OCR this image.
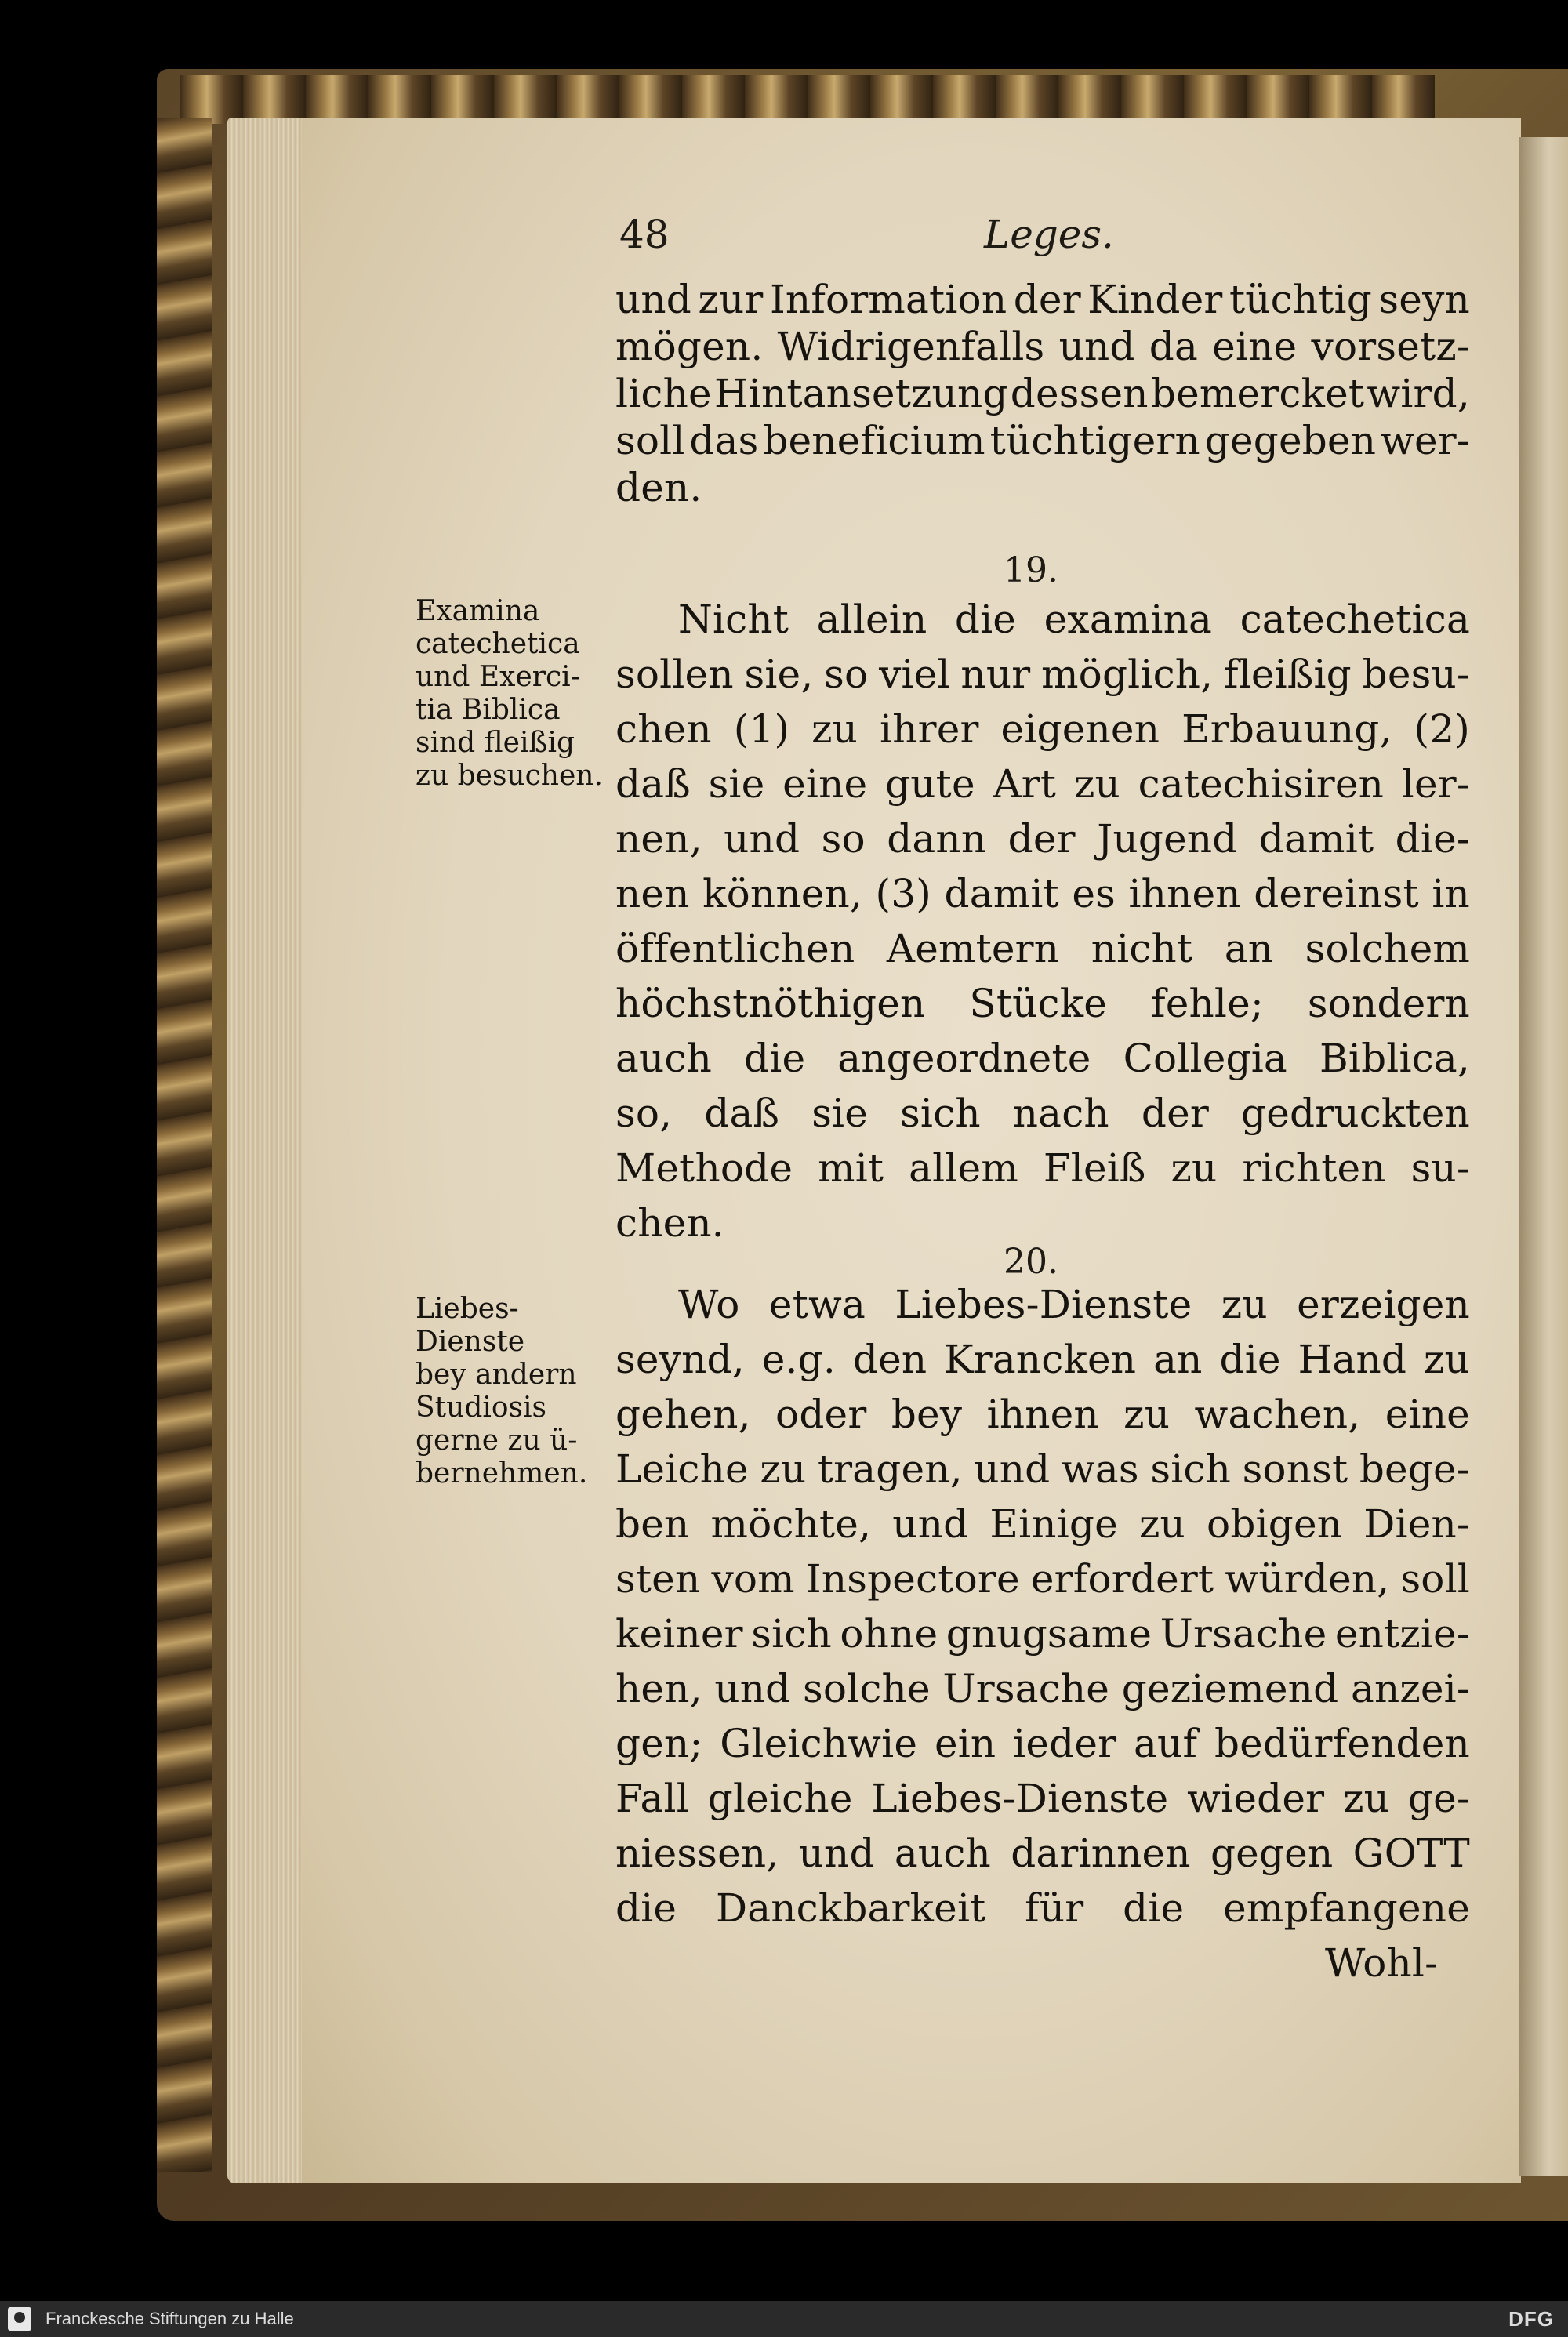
48	Leges.
und zur Information der Kinder tüchtig seyn
mögen. Widrigenfalls und da eine vorsetz-
liche Hintansetzung dessen bemercket wird,
soll das beneficium tüchtigern gegeben wer-
den.
19.
Nicht allein die examina catechetica
sollen sie, so viel nur möglich, fleißig besu-
chen (1) zu ihrer eigenen Erbauung, (2)
daß sie eine gute Art zu catechisiren ler-
nen, und so dann der Jugend damit die-
nen können, (3) damit es ihnen dereinst in
öffentlichen Aemtern nicht an solchem
höchstnöthigen Stücke fehle; sondern
auch die angeordnete Collegia Biblica,
so, daß sie sich nach der gedruckten
Methode mit allem Fleiß zu richten su-
chen.
20.
Wo etwa Liebes-Dienste zu erzeigen
seynd, e.g. den Krancken an die Hand zu
gehen, oder bey ihnen zu wachen, eine
Leiche zu tragen, und was sich sonst bege-
ben möchte, und Einige zu obigen Dien-
sten vom Inspectore erfordert würden, soll
keiner sich ohne gnugsame Ursache entzie-
hen, und solche Ursache geziemend anzei-
gen; Gleichwie ein ieder auf bedürfenden
Fall gleiche Liebes-Dienste wieder zu ge-
niessen, und auch darinnen gegen GOTT
die Danckbarkeit für die empfangene
Wohl-
Examina
catechetica
und Exerci-
tia Biblica
sind fleißig
zu besuchen.
Liebes-
Dienste
bey andern
Studiosis
gerne zu ü-
bernehmen.
Franckesche Stiftungen zu Halle	DFG
